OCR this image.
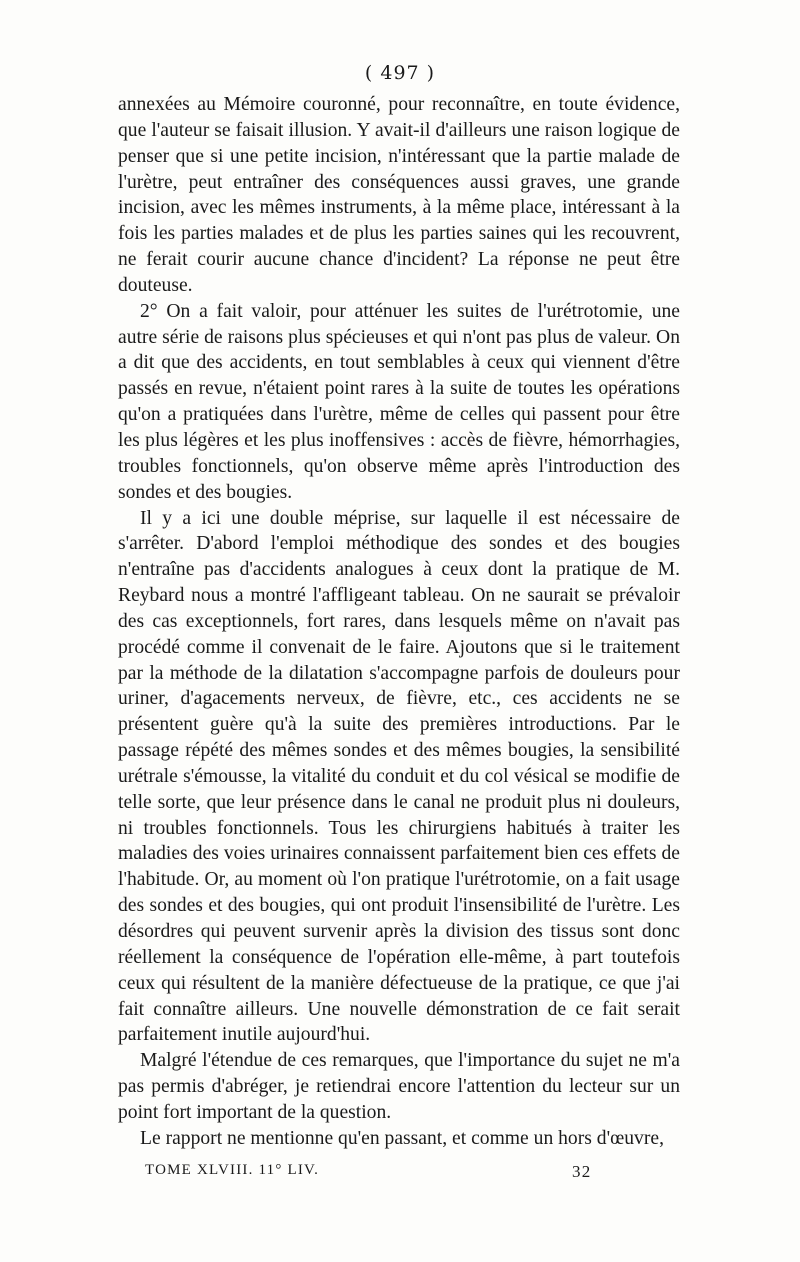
( 497 )

annexées au Mémoire couronné, pour reconnaître, en toute évidence, que l'auteur se faisait illusion. Y avait-il d'ailleurs une raison logique de penser que si une petite incision, n'intéressant que la partie malade de l'urètre, peut entraîner des conséquences aussi graves, une grande incision, avec les mêmes instruments, à la même place, intéressant à la fois les parties malades et de plus les parties saines qui les recouvrent, ne ferait courir aucune chance d'incident? La réponse ne peut être douteuse.

2° On a fait valoir, pour atténuer les suites de l'urétrotomie, une autre série de raisons plus spécieuses et qui n'ont pas plus de valeur. On a dit que des accidents, en tout semblables à ceux qui viennent d'être passés en revue, n'étaient point rares à la suite de toutes les opérations qu'on a pratiquées dans l'urètre, même de celles qui passent pour être les plus légères et les plus inoffensives : accès de fièvre, hémorrhagies, troubles fonctionnels, qu'on observe même après l'introduction des sondes et des bougies.

Il y a ici une double méprise, sur laquelle il est nécessaire de s'arrêter. D'abord l'emploi méthodique des sondes et des bougies n'entraîne pas d'accidents analogues à ceux dont la pratique de M. Reybard nous a montré l'affligeant tableau. On ne saurait se prévaloir des cas exceptionnels, fort rares, dans lesquels même on n'avait pas procédé comme il convenait de le faire. Ajoutons que si le traitement par la méthode de la dilatation s'accompagne parfois de douleurs pour uriner, d'agacements nerveux, de fièvre, etc., ces accidents ne se présentent guère qu'à la suite des premières introductions. Par le passage répété des mêmes sondes et des mêmes bougies, la sensibilité urétrale s'émousse, la vitalité du conduit et du col vésical se modifie de telle sorte, que leur présence dans le canal ne produit plus ni douleurs, ni troubles fonctionnels. Tous les chirurgiens habitués à traiter les maladies des voies urinaires connaissent parfaitement bien ces effets de l'habitude. Or, au moment où l'on pratique l'urétrotomie, on a fait usage des sondes et des bougies, qui ont produit l'insensibilité de l'urètre. Les désordres qui peuvent survenir après la division des tissus sont donc réellement la conséquence de l'opération elle-même, à part toutefois ceux qui résultent de la manière défectueuse de la pratique, ce que j'ai fait connaître ailleurs. Une nouvelle démonstration de ce fait serait parfaitement inutile aujourd'hui.

Malgré l'étendue de ces remarques, que l'importance du sujet ne m'a pas permis d'abréger, je retiendrai encore l'attention du lecteur sur un point fort important de la question.

Le rapport ne mentionne qu'en passant, et comme un hors d'œuvre,

TOME XLVIII. 11° LIV.	32
